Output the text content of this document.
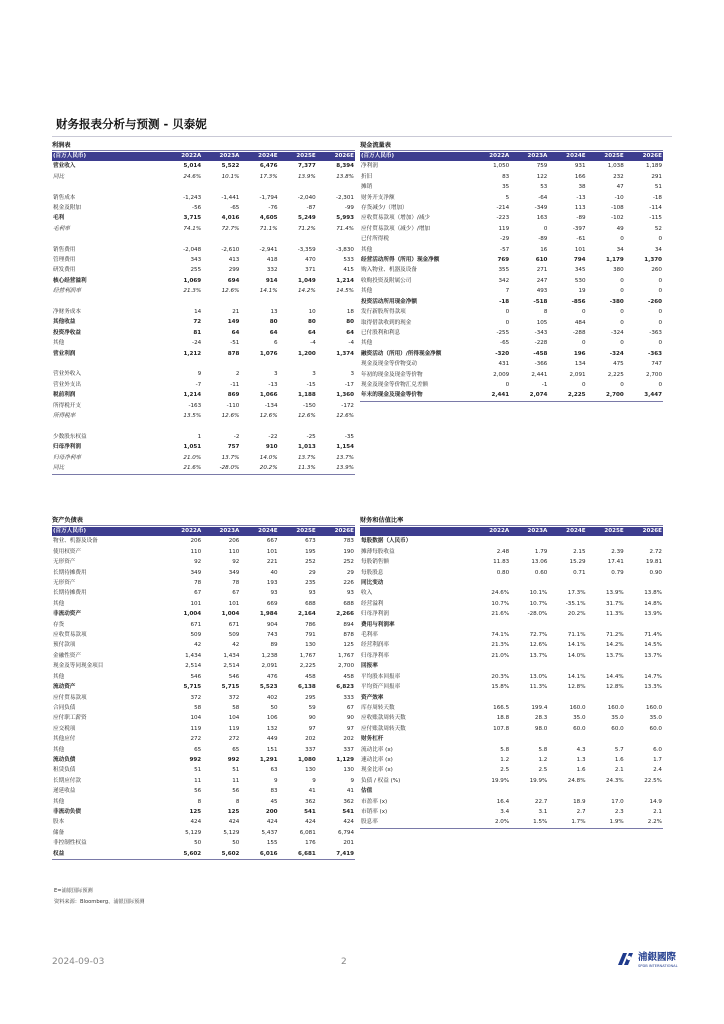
财务报表分析与预测 - 贝泰妮
利润表
(百万人民币)	2022A	2023A	2024E	2025E	2026E
营业收入	5,014	5,522	6,476	7,377	8,394
同比	24.6%	10.1%	17.3%	13.9%	13.8%

销售成本	-1,243	-1,441	-1,794	-2,040	-2,301
税金及附加	-56	-65	-76	-87	-99
毛利	3,715	4,016	4,605	5,249	5,993
毛利率	74.1%	72.7%	71.1%	71.2%	71.4%

销售费用	-2,048	-2,610	-2,941	-3,359	-3,830
管理费用	343	413	418	470	533
研发费用	255	299	332	371	415
核心经营溢利	1,069	694	914	1,049	1,214
经营利润率	21.3%	12.6%	14.1%	14.2%	14.5%

净财务成本	14	21	13	10	18
其他收益	72	149	80	80	80
投资净收益	81	64	64	64	64
其他	-24	-51	6	-4	-4
营业利润	1,212	878	1,076	1,200	1,374

营业外收入	9	2	3	3	3
营业外支出	-7	-11	-13	-15	-17
税前利润	1,214	869	1,066	1,188	1,360
所得税开支	-163	-110	-134	-150	-172
所得税率	13.5%	12.6%	12.6%	12.6%	12.6%

少数股东权益	1	-2	-22	-25	-35
归母净利润	1,051	757	910	1,013	1,154
归母净利率	21.0%	13.7%	14.0%	13.7%	13.7%
同比	21.6%	-28.0%	20.2%	11.3%	13.9%
现金流量表
(百万人民币)	2022A	2023A	2024E	2025E	2026E
净利润	1,050	759	931	1,038	1,189
折旧	83	122	166	232	291
摊销	35	53	38	47	51
财务开支净额	5	-64	-13	-10	-18
存货减少/（增加）	-214	-349	113	-108	-114
应收贸易款项（增加）/减少	-223	163	-89	-102	-115
应付贸易款项（减少）/增加	119	0	-397	49	52
已付所得税	-29	-89	-61	0	0
其他	-57	16	101	34	34
经营活动所得（所用）现金净额	769	610	794	1,179	1,370
购入物业、机器及设备	355	271	345	380	260
收购投资及附属公司	342	247	530	0	0
其他	7	493	19	0	0
投资活动所用现金净额	-18	-518	-856	-380	-260
发行新股所得款项	0	8	0	0	0
取得借款收到的现金	0	105	484	0	0
已付股利和利息	-255	-343	-288	-324	-363
其他	-65	-228	0	0	0
融资活动（所用）/所得现金净额	-320	-458	196	-324	-363
现金及现金等价物变动	431	-366	134	475	747
年初的现金及现金等价物	2,009	2,441	2,091	2,225	2,700
现金及现金等价物汇兑差额	0	-1	0	0	0
年末的现金及现金等价物	2,441	2,074	2,225	2,700	3,447
资产负债表
(百万人民币)	2022A	2023A	2024E	2025E	2026E
物业、机器及设备	206	206	667	673	783
使用权资产	110	110	101	195	190
无形资产	92	92	221	252	252
长期待摊费用	349	349	40	29	29
无形资产	78	78	193	235	226
长期待摊费用	67	67	93	93	93
其他	101	101	669	688	688
非流动资产	1,004	1,004	1,984	2,164	2,266
存货	671	671	904	786	894
应收贸易款项	509	509	743	791	878
预付款项	42	42	89	130	125
金融性资产	1,434	1,434	1,238	1,767	1,767
现金及等同现金项目	2,514	2,514	2,091	2,225	2,700
其他	546	546	476	458	458
流动资产	5,715	5,715	5,523	6,138	6,823
应付贸易款项	372	372	402	295	333
合同负债	58	58	50	59	67
应付职工薪资	104	104	106	90	90
应交税项	119	119	132	97	97
其他应付	272	272	449	202	202
其他	65	65	151	337	337
流动负债	992	992	1,291	1,080	1,129
租赁负债	51	51	63	130	130
长期应付款	11	11	9	9	9
递延收益	56	56	83	41	41
其他	8	8	45	362	362
非流动负债	125	125	200	541	541
股本	424	424	424	424	424
储备	5,129	5,129	5,437	6,081	6,794
非控制性权益	50	50	155	176	201
权益	5,602	5,602	6,016	6,681	7,419
财务和估值比率
	2022A	2023A	2024E	2025E	2026E
每股数据（人民币）					
摊薄每股收益	2.48	1.79	2.15	2.39	2.72
每股销售额	11.83	13.06	15.29	17.41	19.81
每股股息	0.80	0.60	0.71	0.79	0.90
同比变动					
收入	24.6%	10.1%	17.3%	13.9%	13.8%
经营溢利	10.7%	10.7%	-35.1%	31.7%	14.8%
归母净利润	21.6%	-28.0%	20.2%	11.3%	13.9%
费用与利润率					
毛利率	74.1%	72.7%	71.1%	71.2%	71.4%
经营利润率	21.3%	12.6%	14.1%	14.2%	14.5%
归母净利率	21.0%	13.7%	14.0%	13.7%	13.7%
回报率					
平均股本回报率	20.3%	13.0%	14.1%	14.4%	14.7%
平均资产回报率	15.8%	11.3%	12.8%	12.8%	13.3%
资产效率					
库存周转天数	166.5	199.4	160.0	160.0	160.0
应收账款周转天数	18.8	28.3	35.0	35.0	35.0
应付账款周转天数	107.8	98.0	60.0	60.0	60.0
财务杠杆					
流动比率 (x)	5.8	5.8	4.3	5.7	6.0
速动比率 (x)	1.2	1.2	1.3	1.6	1.7
现金比率 (x)	2.5	2.5	1.6	2.1	2.4
负债 / 权益 (%)	19.9%	19.9%	24.8%	24.3%	22.5%
估值					
市盈率 (x)	16.4	22.7	18.9	17.0	14.9
市销率 (x)	3.4	3.1	2.7	2.3	2.1
股息率	2.0%	1.5%	1.7%	1.9%	2.2%
E=浦银国际预测
资料来源：Bloomberg、浦银国际预测
2024-09-03	2	浦銀國際
SPDB INTERNATIONAL
